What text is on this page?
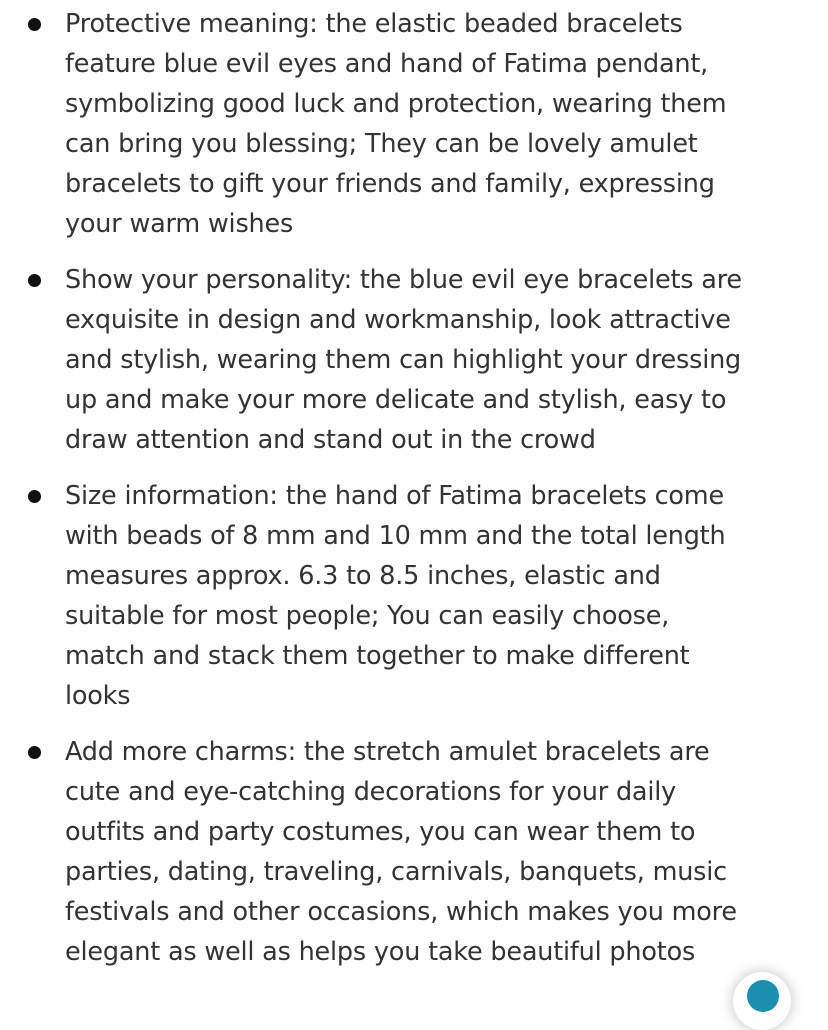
Protective meaning: the elastic beaded bracelets
feature blue evil eyes and hand of Fatima pendant,
symbolizing good luck and protection, wearing them
can bring you blessing; They can be lovely amulet
bracelets to gift your friends and family, expressing
your warm wishes
Show your personality: the blue evil eye bracelets are
exquisite in design and workmanship, look attractive
and stylish, wearing them can highlight your dressing
up and make your more delicate and stylish, easy to
draw attention and stand out in the crowd
Size information: the hand of Fatima bracelets come
with beads of 8 mm and 10 mm and the total length
measures approx. 6.3 to 8.5 inches, elastic and
suitable for most people; You can easily choose,
match and stack them together to make different
looks
Add more charms: the stretch amulet bracelets are
cute and eye-catching decorations for your daily
outfits and party costumes, you can wear them to
parties, dating, traveling, carnivals, banquets, music
festivals and other occasions, which makes you more
elegant as well as helps you take beautiful photos
